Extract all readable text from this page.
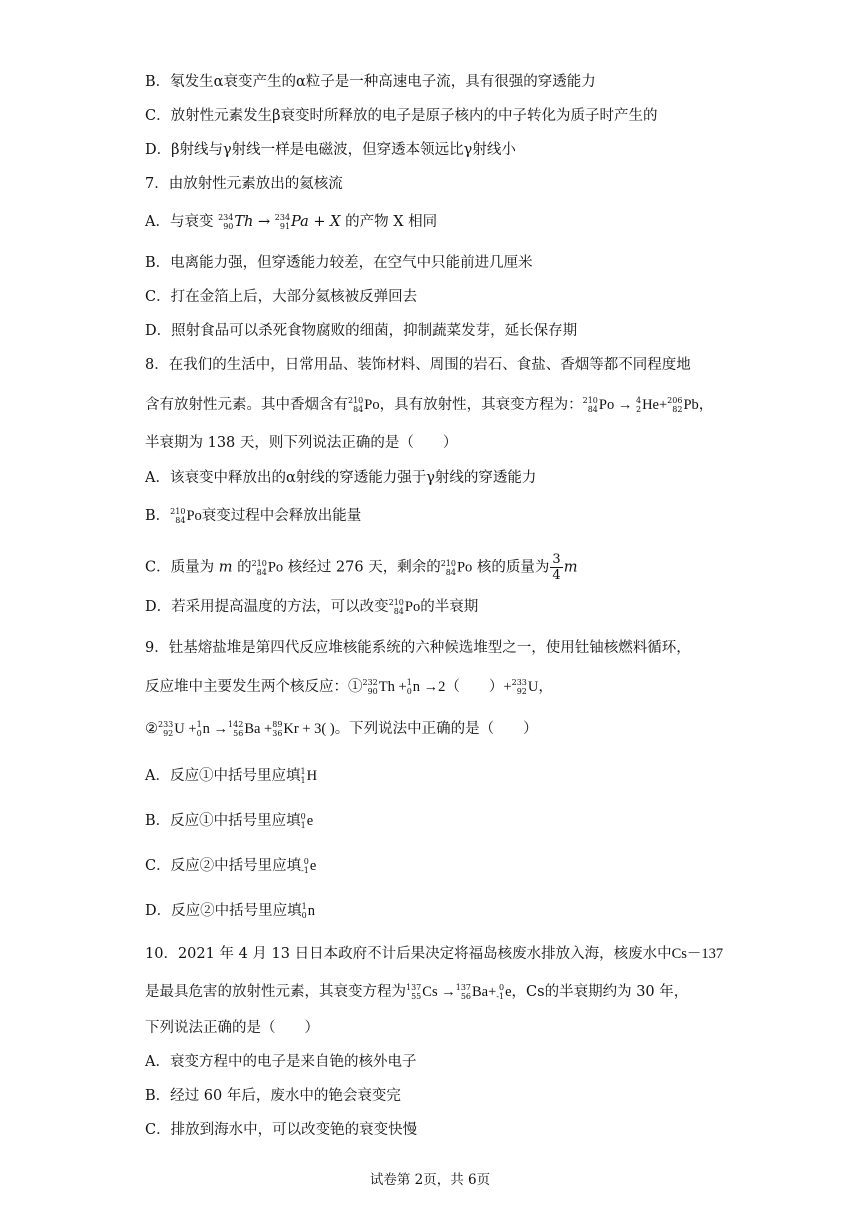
B．氡发生α衰变产生的α粒子是一种高速电子流，具有很强的穿透能力
C．放射性元素发生β衰变时所释放的电子是原子核内的中子转化为质子时产生的
D．β射线与γ射线一样是电磁波，但穿透本领远比γ射线小
7．由放射性元素放出的氦核流
A．与衰变 234
90 Th → 234
91 Pa + X 的产物 X 相同
B．电离能力强，但穿透能力较差，在空气中只能前进几厘米
C．打在金箔上后，大部分氦核被反弹回去
D．照射食品可以杀死食物腐败的细菌，抑制蔬菜发芽，延长保存期
8．在我们的生活中，日常用品、装饰材料、周围的岩石、食盐、香烟等都不同程度地
含有放射性元素。其中香烟含有 210
84 Po，具有放射性，其衰变方程为： 210
84 Po → 4
2 He+ 206
82 Pb，
半衰期为 138 天，则下列说法正确的是（　　）
A．该衰变中释放出的α射线的穿透能力强于γ射线的穿透能力
B． 210
84 Po衰变过程中会释放出能量
C．质量为 m 的 210
84 Po 核经过 276 天，剩余的 210
84 Po 核的质量为 $\frac{3}{4}$ m
D．若采用提高温度的方法，可以改变 210
84 Po的半衰期
9．钍基熔盐堆是第四代反应堆核能系统的六种候选堆型之一，使用钍铀核燃料循环，
反应堆中主要发生两个核反应：① 232
90 Th + 1
0 n →2（　　）+ 233
92 U，
② 233
92 U + 1
0 n → 142
56 Ba + 89
36 Kr + 3( )。下列说法中正确的是（　　）
A．反应①中括号里应填 1
1 H
B．反应①中括号里应填 0
1 e
C．反应②中括号里应填 0
-1 e
D．反应②中括号里应填 1
0 n
10．2021 年 4 月 13 日日本政府不计后果决定将福岛核废水排放入海，核废水中Cs－137
是最具危害的放射性元素，其衰变方程为 137
55 Cs → 137
56 Ba+ 0
-1 e，Cs的半衰期约为 30 年，
下列说法正确的是（　　）
A．衰变方程中的电子是来自铯的核外电子
B．经过 60 年后，废水中的铯会衰变完
C．排放到海水中，可以改变铯的衰变快慢
试卷第 2页，共 6页
